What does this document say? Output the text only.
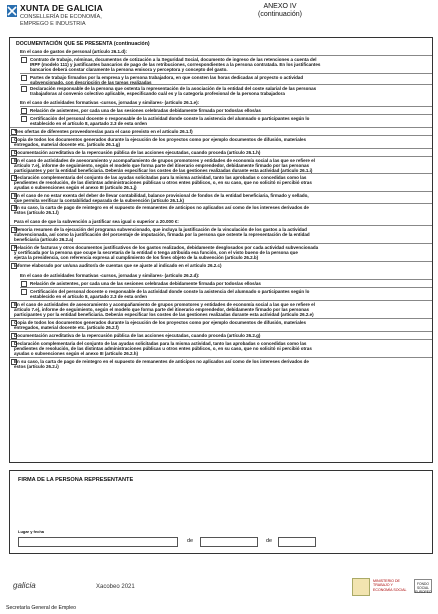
XUNTA DE GALICIA
CONSELLERÍA DE ECONOMÍA,
EMPREGO E INDUSTRIA
ANEXO IV
(continuación)
DOCUMENTACIÓN QUE SE PRESENTA (continuación)
En el caso de gastos de personal (artículo 26.1.d):
Contrato de trabajo, nóminas, documentos de cotización a la Seguridad Social, documento de ingreso de las retenciones a cuenta del
IRPF (modelo 111) y justificantes bancarios de pago de las retribuciones, correspondientes a la persona contratada. En los justificantes
bancarios deberá constar claramente la persona emisora y perceptora y concepto del gasto.
Partes de trabajo firmados por la empresa y la persona trabajadora, en que consten las horas dedicadas al proyecto o actividad
subvencionado, con descripción de las tareas realizadas
Declaración responsable de la persona que ostenta la representación de la asociación de la entidad del coste salarial de las personas
trabajadoras al convenio colectivo aplicable, especificando cuál es y la categoría profesional de la persona trabajadora
En el caso de actividades formativas -cursos, jornadas y similares- (artículo 26.1.e):
Relación de asistentes, por cada una de las sesiones celebradas debidamente firmada por todos/as ellos/as
Certificación del personal docente o responsable de la actividad donde conste la asistencia del alumnado o participantes según lo
establecido en el artículo 8, apartado 2.3 de esta orden
Tres ofertas de diferentes proveedores/as para el caso previsto en el artículo 26.1.f)
Copia de todos los documentos generados durante la ejecución de los proyectos como por ejemplo documentos de difusión, materiales
entregados, material docente etc. (artículo 26.1.g)
Documentación acreditativa de la repercusión pública de las acciones ejecutadas, cuando proceda (artículo 26.1.h)
En el caso de actividades de asesoramiento y acompañamiento de grupos promotores y entidades de economía social a las que se refiere el
artículo 7.e), informe de seguimiento, según el modelo que forma parte del itinerario emprendedor, debidamente firmado por las personas
participantes y por la entidad beneficiaria. Deberán especificar los costes de las gestiones realizadas durante esta actividad (artículo 26.1.i)
Declaración complementaria del conjunto de las ayudas solicitadas para la misma actividad, tanto las aprobadas o concedidas como las
pendientes de resolución, de las distintas administraciones públicas u otros entes públicos, o, en su caso, que no solicitó ni percibió otras
ayudas o subvenciones según el anexo III (artículo 26.1.j)
En el caso de no estar exenta del deber de llevar contabilidad, balance provisional de fondos de la entidad beneficiaria, firmado y sellado,
que permita verificar la contabilidad separada de la subvención (artículo 26.1.k)
En su caso, la carta de pago de reintegro en el supuesto de remanentes de anticipos no aplicados así como de los intereses derivados de
estos (artículo 26.1.l)
Para el caso de que la subvención a justificar sea igual o superior a 20.000 €:
Memoria resumen de la ejecución del programa subvencionado, que incluya la justificación de la vinculación de los gastos a la actividad
subvencionada, así como la justificación del porcentaje de imputación, firmada por la persona que ostente la representación de la entidad
beneficiaria (artículo 26.2.a)
Relación de facturas y otros documentos justificativos de los gastos realizados, debidamente desglosados por cada actividad subvencionada
y certificada por la persona que ocupe la secretaría de la entidad o tenga atribuida esa función, con el visto bueno de la persona que
ejerza la presidencia, con referencia expresa al cumplimiento de los fines objeto de la subvención (artículo 26.2.b)
Informe elaborado por un/una auditor/a de cuentas que se ajuste al indicado en el artículo 26.2.c)
En el caso de actividades formativas -cursos, jornadas y similares- (artículo 26.2.d):
Relación de asistentes, por cada una de las sesiones celebradas debidamente firmada por todos/as ellos/as
Certificación del personal docente o responsable de la actividad donde conste la asistencia del alumnado o participantes según lo
establecido en el artículo 8, apartado 2.3 de esta orden
En el caso de actividades de asesoramiento y acompañamiento de grupos promotores y entidades de economía social a las que se refiere el
artículo 7.e), informe de seguimiento, según el modelo que forma parte del itinerario emprendedor, debidamente firmado por las personas
participantes y por la entidad beneficiaria. Deberán especificar los costes de las gestiones realizadas durante esta actividad (artículo 26.2.e)
Copia de todos los documentos generados durante la ejecución de los proyectos como por ejemplo documentos de difusión, materiales
entregados, material docente etc. (artículo 26.2.f)
Documentación acreditativa de la repercusión pública de las acciones ejecutadas, cuando proceda (artículo 26.2.g)
Declaración complementaria del conjunto de las ayudas solicitadas para la misma actividad, tanto las aprobadas o concedidas como las
pendientes de resolución, de las distintas administraciones públicas u otros entes públicos, o, en su caso, que no solicitó ni percibió otras
ayudas o subvenciones según el anexo III (artículo 26.2.h)
En su caso, la carta de pago de reintegro en el supuesto de remanentes de anticipos no aplicados así como de los intereses derivados de
estos (artículo 26.2.i)
FIRMA DE LA PERSONA REPRESENTANTE
Lugar y fecha
de	de
galicia	Xacobeo 2021
MINISTERIO DE TRABAJO Y ECONOMÍA SOCIAL
FONDO SOCIAL EUROPEO
Secretaría General de Empleo
